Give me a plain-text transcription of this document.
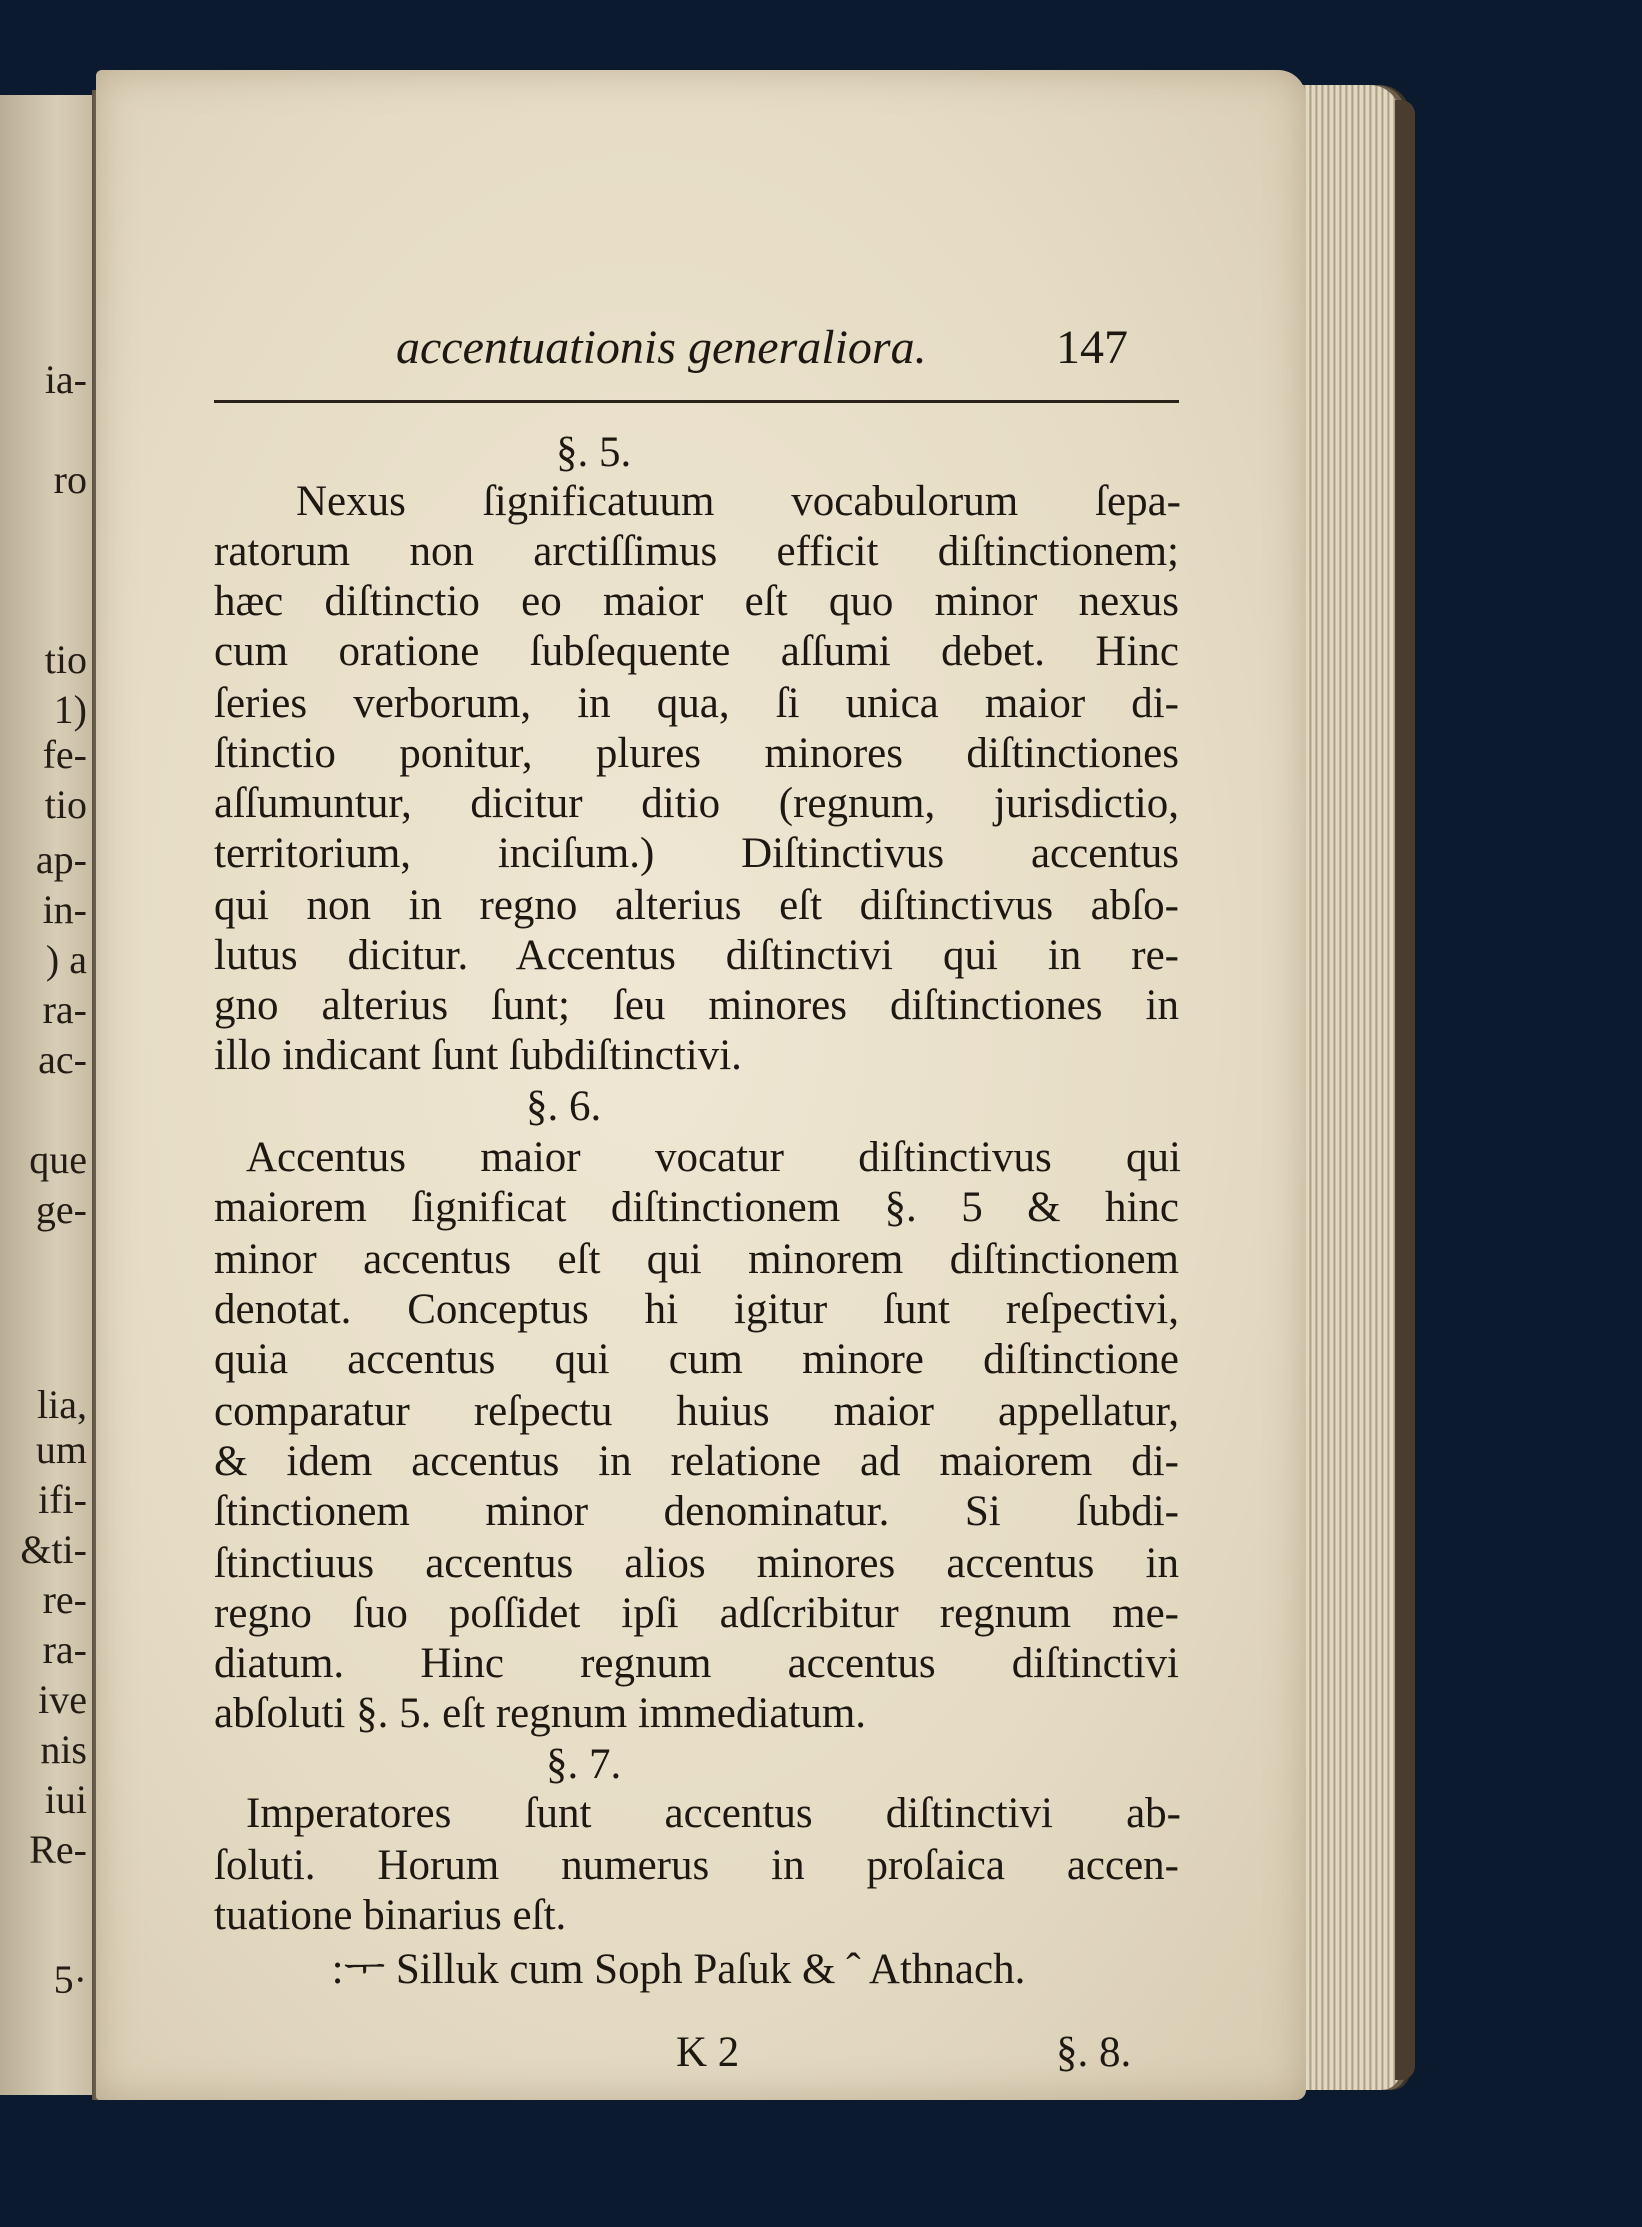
ia-
ro
tio
1)
fe-
tio
ap-
in-
) a
ra-
ac-
que
ge-
lia,
um
ifi-
&ti-
re-
ra-
ive
nis
iui
Re-
5·
accentuationis generaliora.	147
§. 5.
Nexus ſignificatuum vocabulorum ſepa-
ratorum non arctiſſimus efficit diſtinctionem;
hæc diſtinctio eo maior eſt quo minor nexus
cum oratione ſubſequente aſſumi debet. Hinc
ſeries verborum, in qua, ſi unica maior di-
ſtinctio ponitur, plures minores diſtinctiones
aſſumuntur, dicitur ditio (regnum, jurisdictio,
territorium, inciſum.) Diſtinctivus accentus
qui non in regno alterius eſt diſtinctivus abſo-
lutus dicitur. Accentus diſtinctivi qui in re-
gno alterius ſunt; ſeu minores diſtinctiones in
illo indicant ſunt ſubdiſtinctivi.
§. 6.
Accentus maior vocatur diſtinctivus qui
maiorem ſignificat diſtinctionem §. 5 & hinc
minor accentus eſt qui minorem diſtinctionem
denotat. Conceptus hi igitur ſunt reſpectivi,
quia accentus qui cum minore diſtinctione
comparatur reſpectu huius maior appellatur,
& idem accentus in relatione ad maiorem di-
ſtinctionem minor denominatur. Si ſubdi-
ſtinctiuus accentus alios minores accentus in
regno ſuo poſſidet ipſi adſcribitur regnum me-
diatum. Hinc regnum accentus diſtinctivi
abſoluti §. 5. eſt regnum immediatum.
§. 7.
Imperatores ſunt accentus diſtinctivi ab-
ſoluti. Horum numerus in proſaica accen-
tuatione binarius eſt.
:ᅮ Silluk cum Soph Paſuk & ˆ Athnach.
K 2	§. 8.
